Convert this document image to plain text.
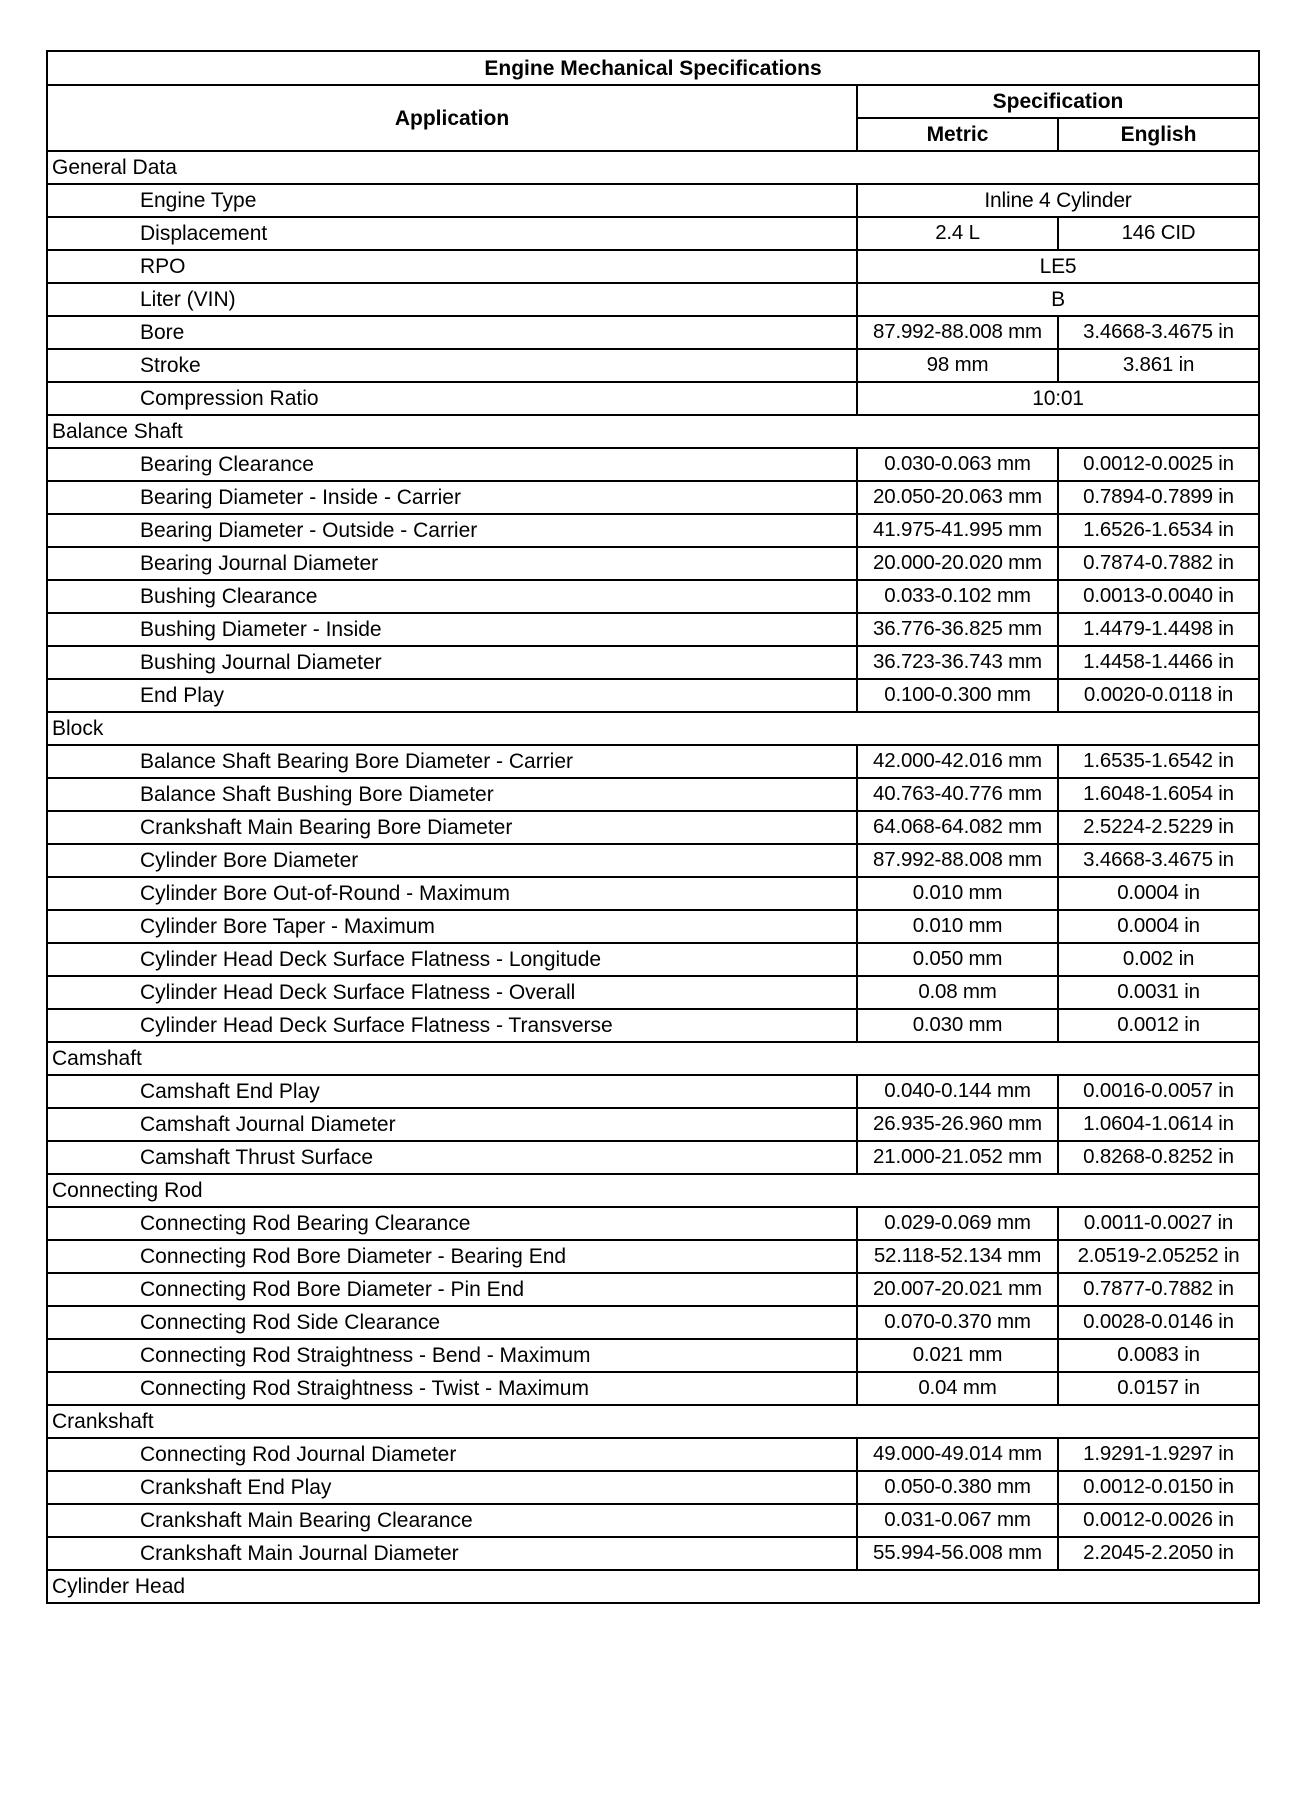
Engine Mechanical Specifications		
Application	Specification	
	Metric	English
General Data		
Engine Type	Inline 4 Cylinder	
Displacement	2.4 L	146 CID
RPO	LE5	
Liter (VIN)	B	
Bore	87.992-88.008 mm	3.4668-3.4675 in
Stroke	98 mm	3.861 in
Compression Ratio	10:01	
Balance Shaft		
Bearing Clearance	0.030-0.063 mm	0.0012-0.0025 in
Bearing Diameter - Inside - Carrier	20.050-20.063 mm	0.7894-0.7899 in
Bearing Diameter - Outside - Carrier	41.975-41.995 mm	1.6526-1.6534 in
Bearing Journal Diameter	20.000-20.020 mm	0.7874-0.7882 in
Bushing Clearance	0.033-0.102 mm	0.0013-0.0040 in
Bushing Diameter - Inside	36.776-36.825 mm	1.4479-1.4498 in
Bushing Journal Diameter	36.723-36.743 mm	1.4458-1.4466 in
End Play	0.100-0.300 mm	0.0020-0.0118 in
Block		
Balance Shaft Bearing Bore Diameter - Carrier	42.000-42.016 mm	1.6535-1.6542 in
Balance Shaft Bushing Bore Diameter	40.763-40.776 mm	1.6048-1.6054 in
Crankshaft Main Bearing Bore Diameter	64.068-64.082 mm	2.5224-2.5229 in
Cylinder Bore Diameter	87.992-88.008 mm	3.4668-3.4675 in
Cylinder Bore Out-of-Round - Maximum	0.010 mm	0.0004 in
Cylinder Bore Taper - Maximum	0.010 mm	0.0004 in
Cylinder Head Deck Surface Flatness - Longitude	0.050 mm	0.002 in
Cylinder Head Deck Surface Flatness - Overall	0.08 mm	0.0031 in
Cylinder Head Deck Surface Flatness - Transverse	0.030 mm	0.0012 in
Camshaft		
Camshaft End Play	0.040-0.144 mm	0.0016-0.0057 in
Camshaft Journal Diameter	26.935-26.960 mm	1.0604-1.0614 in
Camshaft Thrust Surface	21.000-21.052 mm	0.8268-0.8252 in
Connecting Rod		
Connecting Rod Bearing Clearance	0.029-0.069 mm	0.0011-0.0027 in
Connecting Rod Bore Diameter - Bearing End	52.118-52.134 mm	2.0519-2.05252 in
Connecting Rod Bore Diameter - Pin End	20.007-20.021 mm	0.7877-0.7882 in
Connecting Rod Side Clearance	0.070-0.370 mm	0.0028-0.0146 in
Connecting Rod Straightness - Bend - Maximum	0.021 mm	0.0083 in
Connecting Rod Straightness - Twist - Maximum	0.04 mm	0.0157 in
Crankshaft		
Connecting Rod Journal Diameter	49.000-49.014 mm	1.9291-1.9297 in
Crankshaft End Play	0.050-0.380 mm	0.0012-0.0150 in
Crankshaft Main Bearing Clearance	0.031-0.067 mm	0.0012-0.0026 in
Crankshaft Main Journal Diameter	55.994-56.008 mm	2.2045-2.2050 in
Cylinder Head		
